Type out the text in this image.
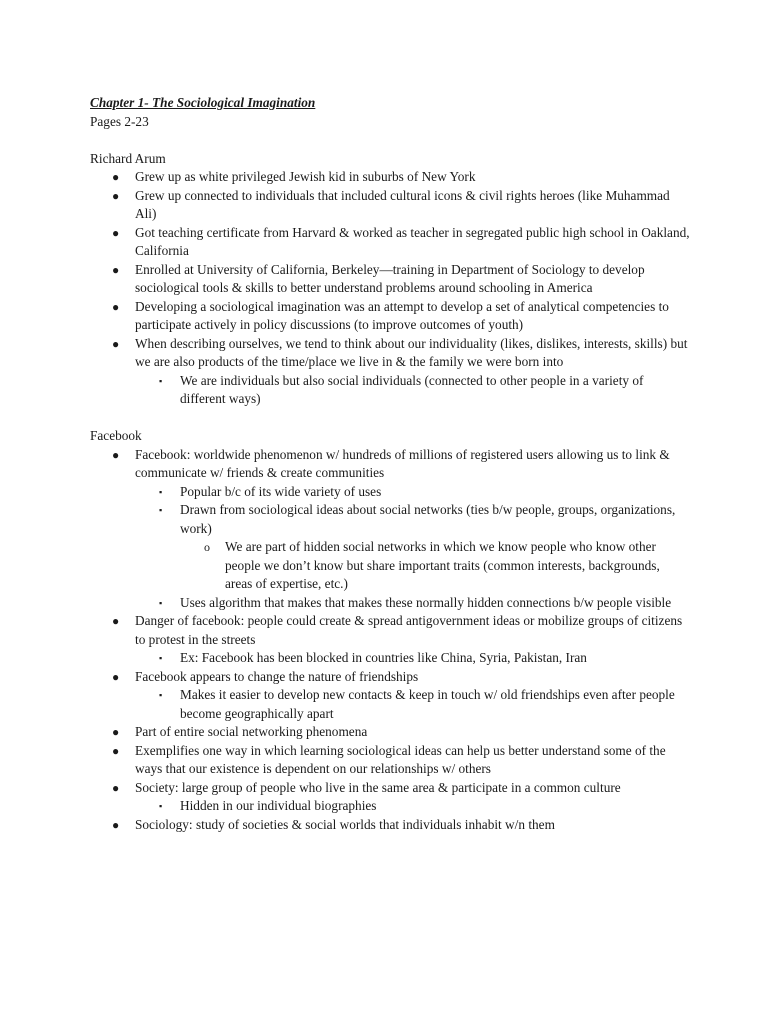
Chapter 1- The Sociological Imagination

Pages 2-23

Richard Arum

● Grew up as white privileged Jewish kid in suburbs of New York
● Grew up connected to individuals that included cultural icons & civil rights heroes (like Muhammad Ali)
● Got teaching certificate from Harvard & worked as teacher in segregated public high school in Oakland, California
● Enrolled at University of California, Berkeley—training in Department of Sociology to develop sociological tools & skills to better understand problems around schooling in America
● Developing a sociological imagination was an attempt to develop a set of analytical competencies to participate actively in policy discussions (to improve outcomes of youth)
● When describing ourselves, we tend to think about our individuality (likes, dislikes, interests, skills) but we are also products of the time/place we live in & the family we were born into
▪ We are individuals but also social individuals (connected to other people in a variety of different ways)

Facebook

● Facebook: worldwide phenomenon w/ hundreds of millions of registered users allowing us to link & communicate w/ friends & create communities
▪ Popular b/c of its wide variety of uses
▪ Drawn from sociological ideas about social networks (ties b/w people, groups, organizations, work)
o We are part of hidden social networks in which we know people who know other people we don’t know but share important traits (common interests, backgrounds, areas of expertise, etc.)
▪ Uses algorithm that makes that makes these normally hidden connections b/w people visible
● Danger of facebook: people could create & spread antigovernment ideas or mobilize groups of citizens to protest in the streets
▪ Ex: Facebook has been blocked in countries like China, Syria, Pakistan, Iran
● Facebook appears to change the nature of friendships
▪ Makes it easier to develop new contacts & keep in touch w/ old friendships even after people become geographically apart
● Part of entire social networking phenomena
● Exemplifies one way in which learning sociological ideas can help us better understand some of the ways that our existence is dependent on our relationships w/ others
● Society: large group of people who live in the same area & participate in a common culture
▪ Hidden in our individual biographies
● Sociology: study of societies & social worlds that individuals inhabit w/n them
